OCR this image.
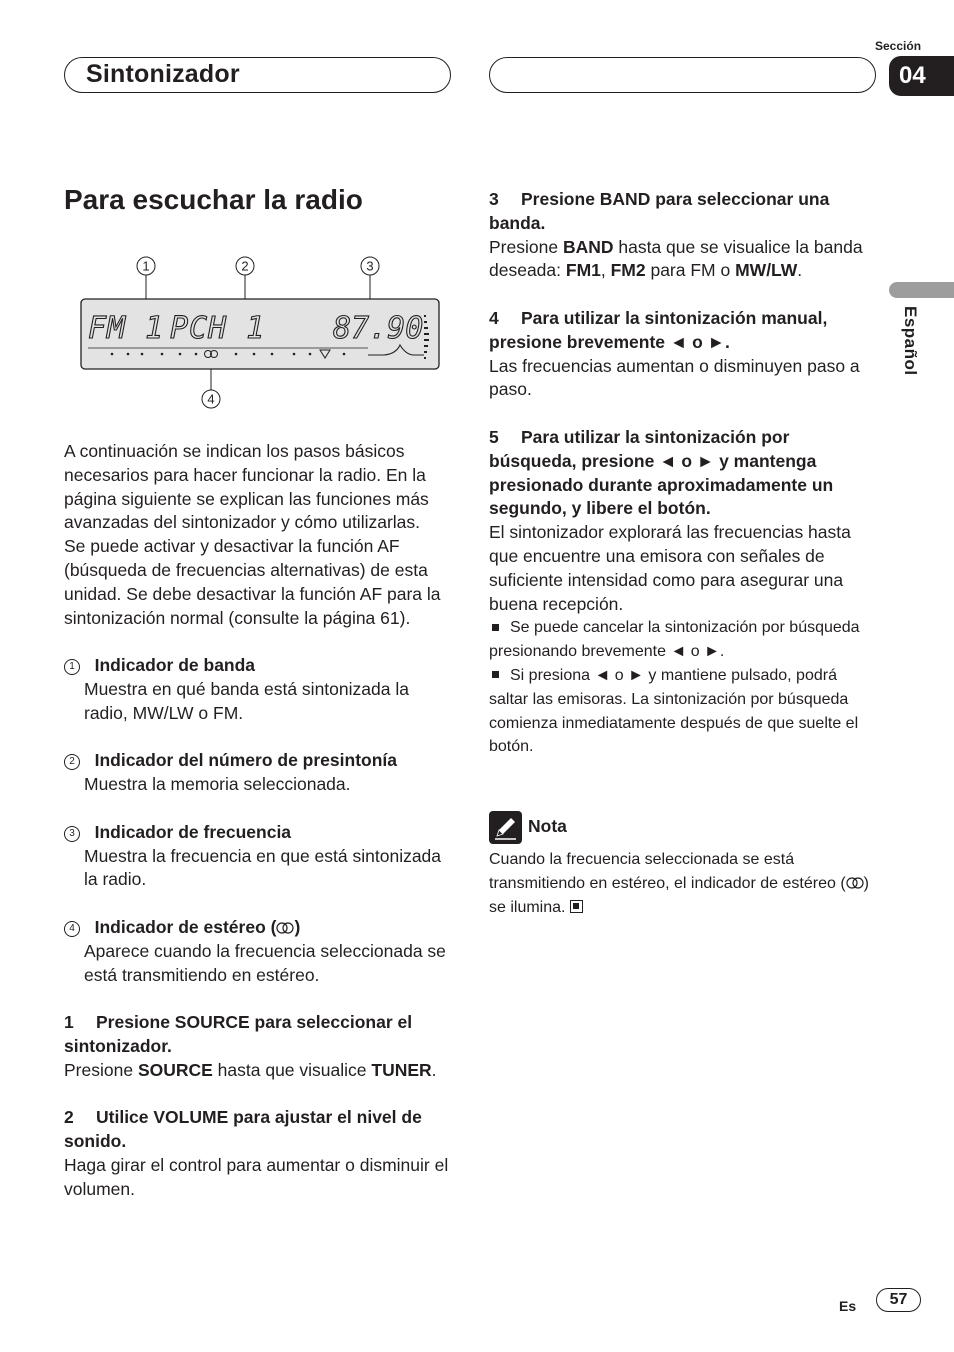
Sintonizador
Sección
04
Español
Para escuchar la radio
1	2	3
4
FM 1 PCH 1 87.90

A continuación se indican los pasos básicos necesarios para hacer funcionar la radio. En la página siguiente se explican las funciones más avanzadas del sintonizador y cómo utilizarlas.

Se puede activar y desactivar la función AF (búsqueda de frecuencias alternativas) de esta unidad. Se debe desactivar la función AF para la sintonización normal (consulte la página 61).

1 Indicador de banda

Muestra en qué banda está sintonizada la radio, MW/LW o FM.

2 Indicador del número de presintonía

Muestra la memoria seleccionada.

3 Indicador de frecuencia

Muestra la frecuencia en que está sintonizada la radio.

4 Indicador de estéreo ( )

Aparece cuando la frecuencia seleccionada se está transmitiendo en estéreo.

1 Presione SOURCE para seleccionar el sintonizador.

Presione SOURCE hasta que visualice TUNER.

2 Utilice VOLUME para ajustar el nivel de sonido.

Haga girar el control para aumentar o disminuir el volumen.

3 Presione BAND para seleccionar una banda.

Presione BAND hasta que se visualice la banda deseada: FM1, FM2 para FM o MW/LW.

4 Para utilizar la sintonización manual, presione brevemente ◄ o ►.

Las frecuencias aumentan o disminuyen paso a paso.

5 Para utilizar la sintonización por búsqueda, presione ◄ o ► y mantenga presionado durante aproximadamente un segundo, y libere el botón.

El sintonizador explorará las frecuencias hasta que encuentre una emisora con señales de suficiente intensidad como para asegurar una buena recepción.

Se puede cancelar la sintonización por búsqueda presionando brevemente ◄ o ►.

Si presiona ◄ o ► y mantiene pulsado, podrá saltar las emisoras. La sintonización por búsqueda comienza inmediatamente después de que suelte el botón.

Nota

Cuando la frecuencia seleccionada se está transmitiendo en estéreo, el indicador de estéreo ( ) se ilumina.

Es	57
